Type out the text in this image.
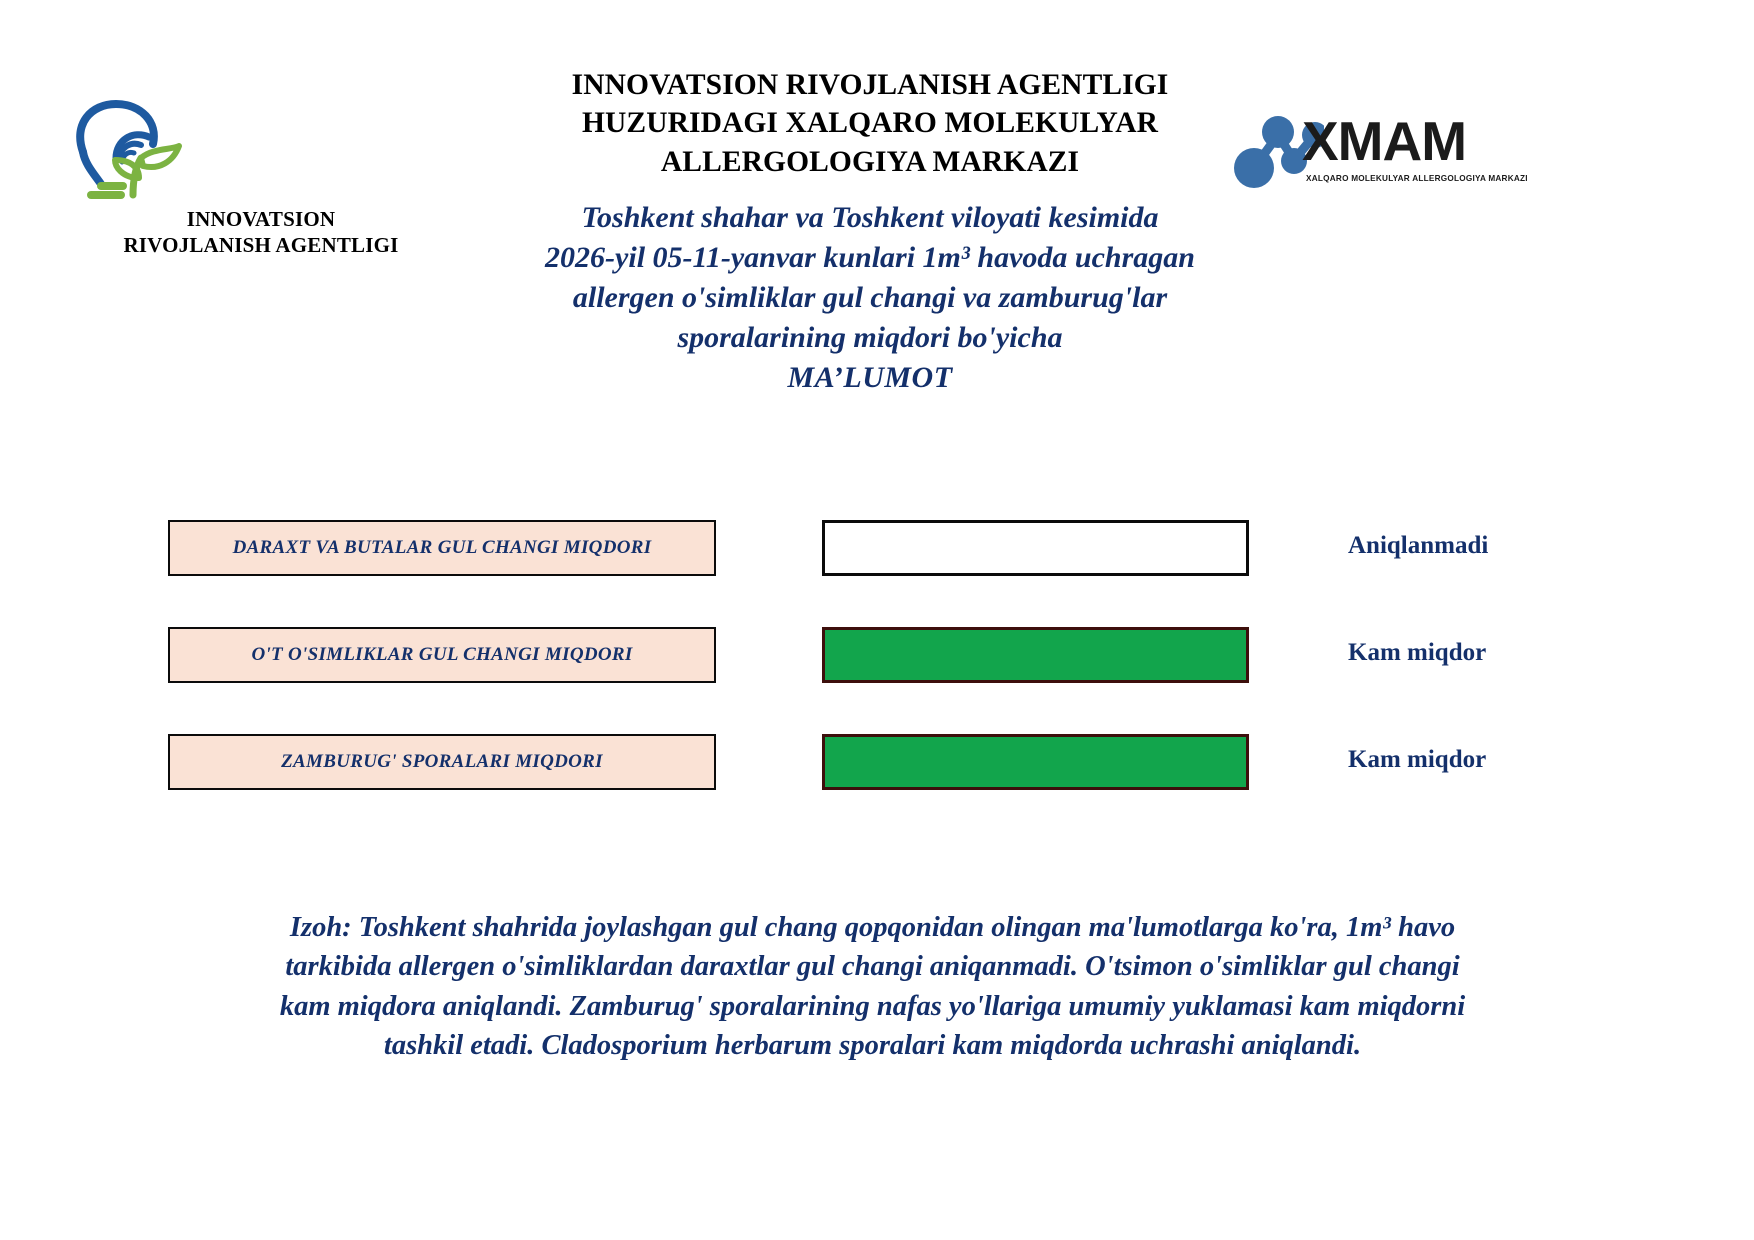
INNOVATSION
RIVOJLANISH AGENTLIGI
INNOVATSION RIVOJLANISH AGENTLIGI
HUZURIDAGI XALQARO MOLEKULYAR
ALLERGOLOGIYA MARKAZI
Toshkent shahar va Toshkent viloyati kesimida
2026-yil 05-11-yanvar kunlari 1m³ havoda uchragan
allergen o'simliklar gul changi va zamburug'lar
sporalarining miqdori bo'yicha
MA’LUMOT
XMAM
XALQARO MOLEKULYAR ALLERGOLOGIYA MARKAZI
DARAXT VA BUTALAR GUL CHANGI MIQDORI	Aniqlanmadi
O'T O'SIMLIKLAR GUL CHANGI MIQDORI	Kam miqdor
ZAMBURUG' SPORALARI MIQDORI	Kam miqdor
Izoh: Toshkent shahrida joylashgan gul chang qopqonidan olingan ma'lumotlarga ko'ra, 1m³ havo
tarkibida allergen o'simliklardan daraxtlar gul changi aniqanmadi. O'tsimon o'simliklar gul changi
kam miqdora aniqlandi. Zamburug' sporalarining nafas yo'llariga umumiy yuklamasi kam miqdorni
tashkil etadi. Cladosporium herbarum sporalari kam miqdorda uchrashi aniqlandi.
